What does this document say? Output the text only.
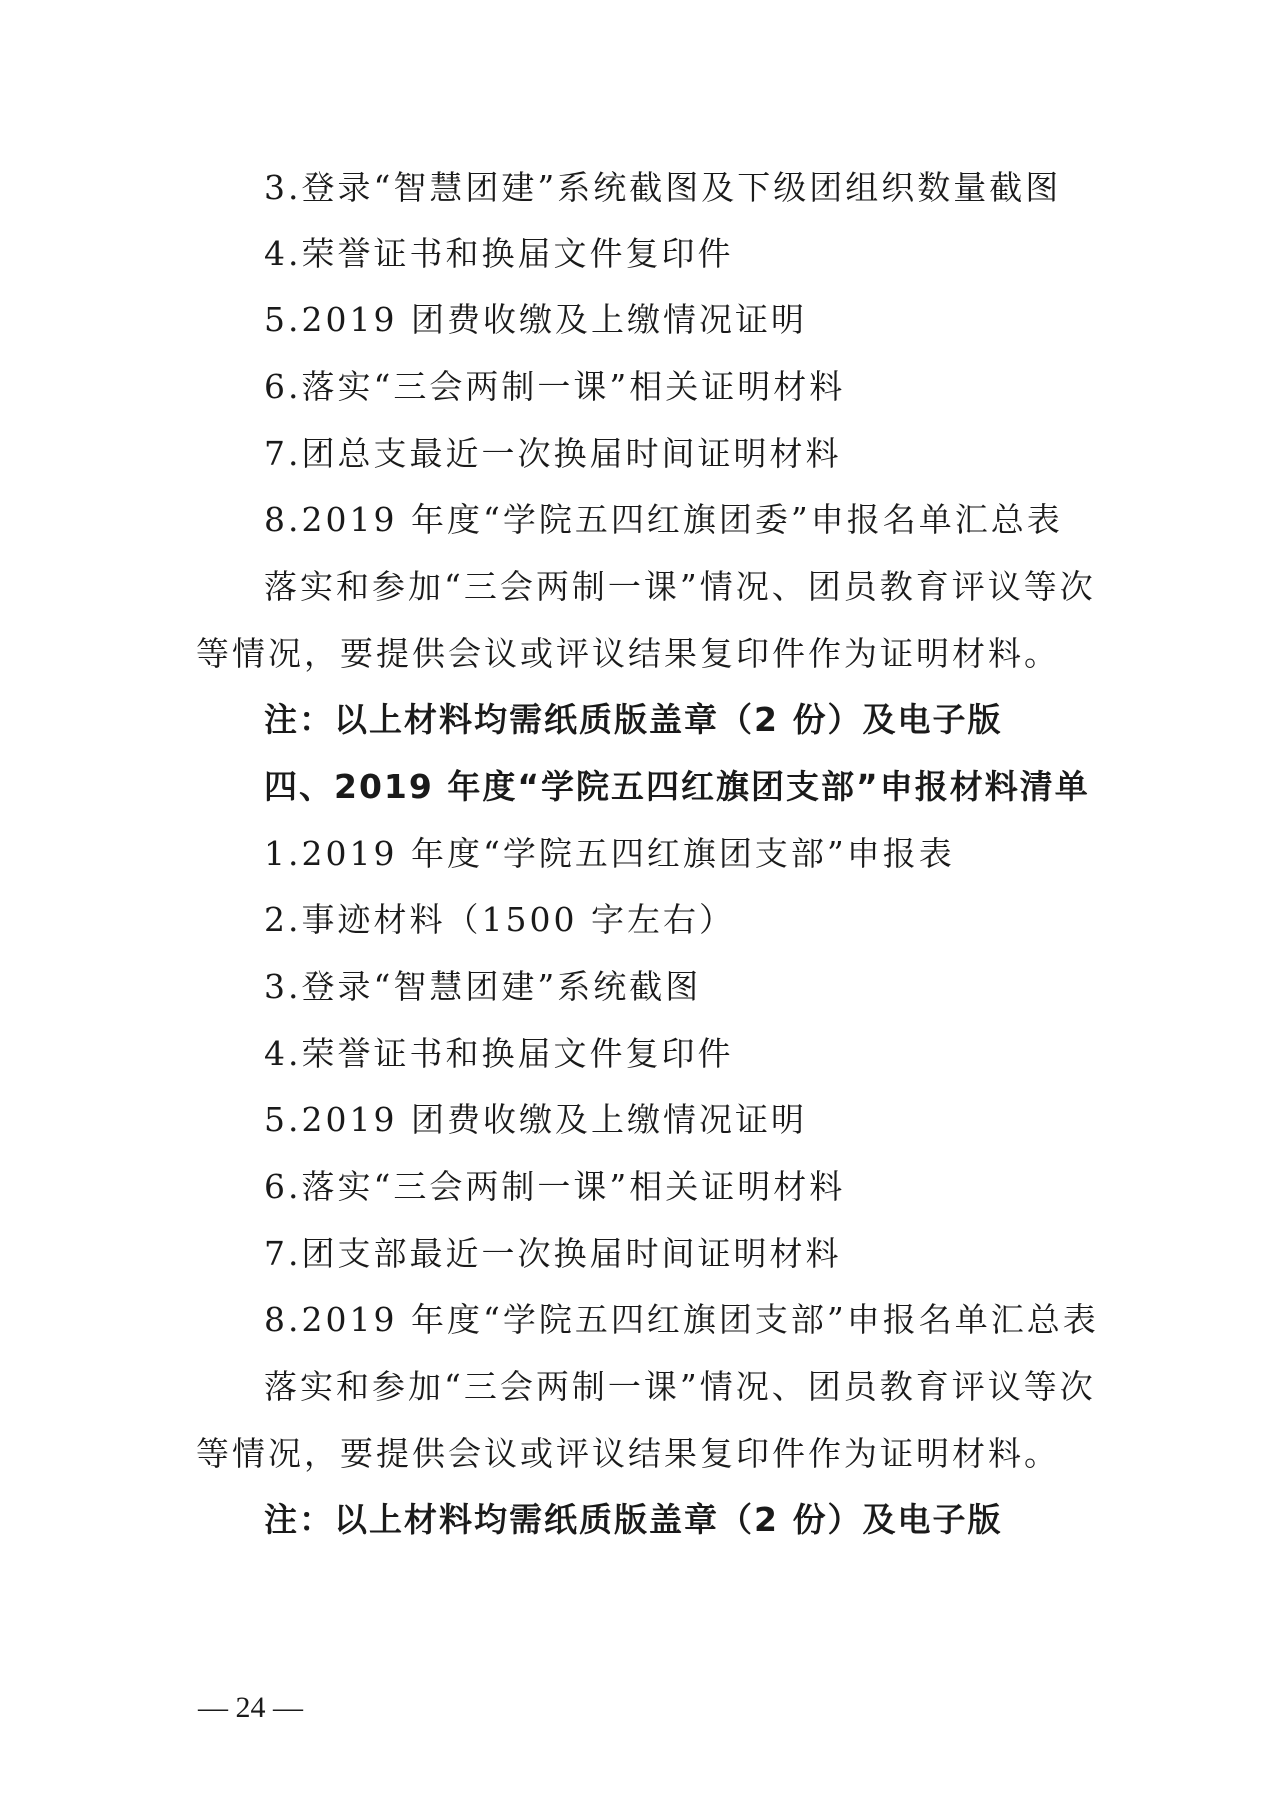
3.登录“智慧团建”系统截图及下级团组织数量截图
4.荣誉证书和换届文件复印件
5.2019 团费收缴及上缴情况证明
6.落实“三会两制一课”相关证明材料
7.团总支最近一次换届时间证明材料
8.2019 年度“学院五四红旗团委”申报名单汇总表
落实和参加“三会两制一课”情况、团员教育评议等次
等情况，要提供会议或评议结果复印件作为证明材料。
注：以上材料均需纸质版盖章（2 份）及电子版
四、2019 年度“学院五四红旗团支部”申报材料清单
1.2019 年度“学院五四红旗团支部”申报表
2.事迹材料（1500 字左右）
3.登录“智慧团建”系统截图
4.荣誉证书和换届文件复印件
5.2019 团费收缴及上缴情况证明
6.落实“三会两制一课”相关证明材料
7.团支部最近一次换届时间证明材料
8.2019 年度“学院五四红旗团支部”申报名单汇总表
落实和参加“三会两制一课”情况、团员教育评议等次
等情况，要提供会议或评议结果复印件作为证明材料。
注：以上材料均需纸质版盖章（2 份）及电子版
— 24 —
